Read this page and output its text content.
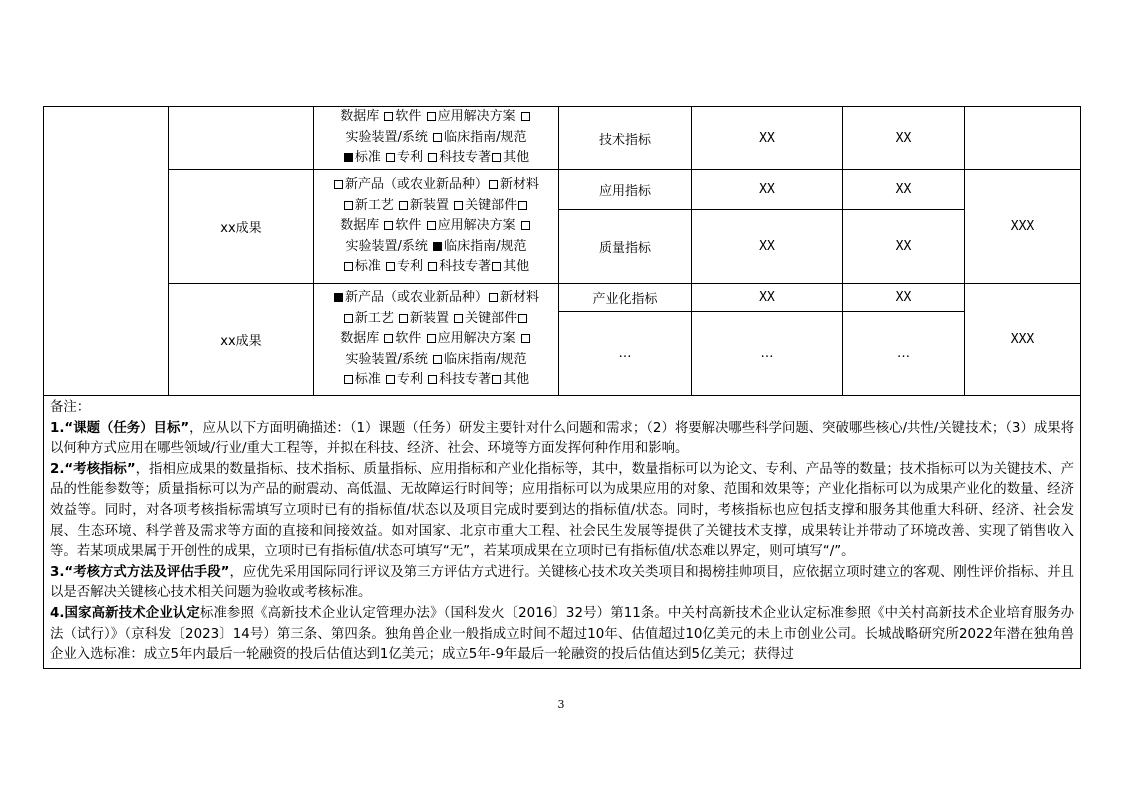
		数据库 软件 应用解决方案
实验装置/系统 临床指南/规范
标准 专利 科技专著 其他	技术指标	XX	XX	
	xx成果	新产品（或农业新品种） 新材料
新工艺 新装置 关键部件
数据库 软件 应用解决方案
实验装置/系统 临床指南/规范
标准 专利 科技专著 其他	应用指标	XX	XX	XXX
			质量指标	XX	XX	
	xx成果	新产品（或农业新品种） 新材料
新工艺 新装置 关键部件
数据库 软件 应用解决方案
实验装置/系统 临床指南/规范
标准 专利 科技专著 其他	产业化指标	XX	XX	XXX
			…	…	…	

备注：
1.“课题（任务）目标”，应从以下方面明确描述：（1）课题（任务）研发主要针对什么问题和需求；（2）将要解决哪些科学问题、突破哪些核心/共性/关键技术；（3）成果将以何种方式应用在哪些领域/行业/重大工程等，并拟在科技、经济、社会、环境等方面发挥何种作用和影响。
2.“考核指标”，指相应成果的数量指标、技术指标、质量指标、应用指标和产业化指标等，其中，数量指标可以为论文、专利、产品等的数量；技术指标可以为关键技术、产品的性能参数等；质量指标可以为产品的耐震动、高低温、无故障运行时间等；应用指标可以为成果应用的对象、范围和效果等；产业化指标可以为成果产业化的数量、经济效益等。同时，对各项考核指标需填写立项时已有的指标值/状态以及项目完成时要到达的指标值/状态。同时，考核指标也应包括支撑和服务其他重大科研、经济、社会发展、生态环境、科学普及需求等方面的直接和间接效益。如对国家、北京市重大工程、社会民生发展等提供了关键技术支撑，成果转让并带动了环境改善、实现了销售收入等。若某项成果属于开创性的成果，立项时已有指标值/状态可填写“无”，若某项成果在立项时已有指标值/状态难以界定，则可填写“/”。
3.“考核方式方法及评估手段”，应优先采用国际同行评议及第三方评估方式进行。关键核心技术攻关类项目和揭榜挂帅项目，应依据立项时建立的客观、刚性评价指标、并且以是否解决关键核心技术相关问题为验收或考核标准。
4.国家高新技术企业认定标准参照《高新技术企业认定管理办法》（国科发火〔2016〕32号）第11条。中关村高新技术企业认定标准参照《中关村高新技术企业培育服务办法（试行）》（京科发〔2023〕14号）第三条、第四条。独角兽企业一般指成立时间不超过10年、估值超过10亿美元的未上市创业公司。长城战略研究所2022年潜在独角兽企业入选标准：成立5年内最后一轮融资的投后估值达到1亿美元；成立5年-9年最后一轮融资的投后估值达到5亿美元；获得过						
3
